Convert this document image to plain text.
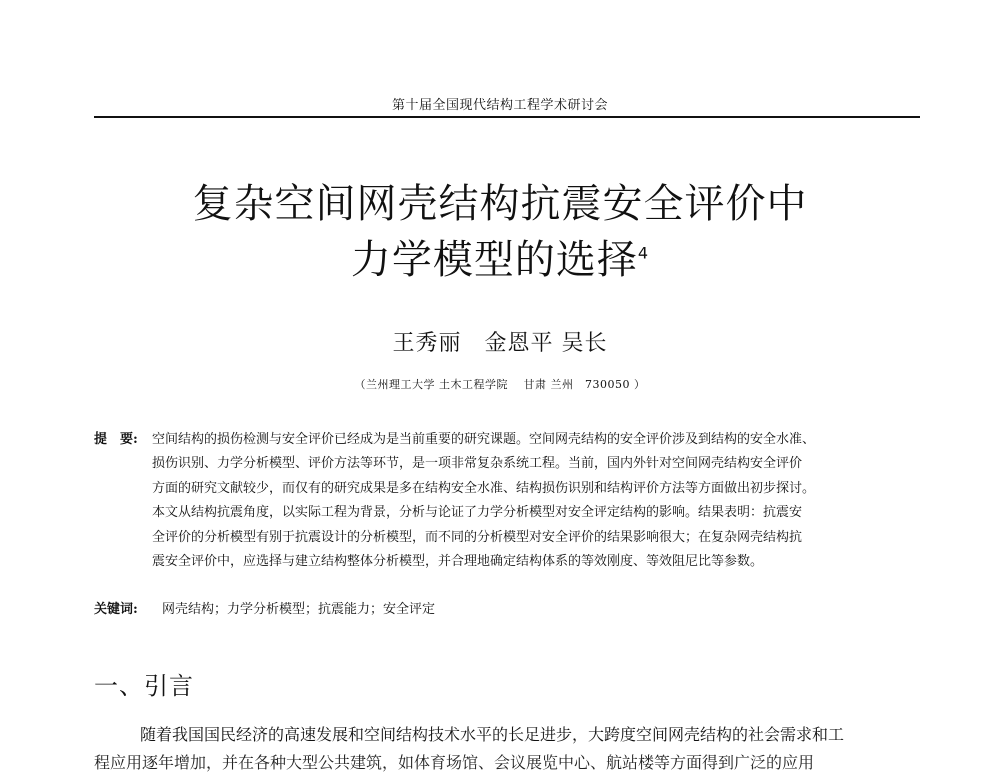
第十届全国现代结构工程学术研讨会
复杂空间网壳结构抗震安全评价中
力学模型的选择$^4$
王秀丽　金恩平 吴长
（兰州理工大学 土木工程学院　 甘肃 兰州　730050 ）
提　要:	空间结构的损伤检测与安全评价已经成为是当前重要的研究课题。空间网壳结构的安全评价涉及到结构的安全水准、
损伤识别、力学分析模型、评价方法等环节，是一项非常复杂系统工程。当前，国内外针对空间网壳结构安全评价
方面的研究文献较少，而仅有的研究成果是多在结构安全水准、结构损伤识别和结构评价方法等方面做出初步探讨。
本文从结构抗震角度，以实际工程为背景，分析与论证了力学分析模型对安全评定结构的影响。结果表明：抗震安
全评价的分析模型有别于抗震设计的分析模型，而不同的分析模型对安全评价的结果影响很大；在复杂网壳结构抗
震安全评价中，应选择与建立结构整体分析模型，并合理地确定结构体系的等效刚度、等效阻尼比等参数。
关键词: 网壳结构；力学分析模型；抗震能力；安全评定
一、引言
随着我国国民经济的高速发展和空间结构技术水平的长足进步，大跨度空间网壳结构的社会需求和工
程应用逐年增加，并在各种大型公共建筑，如体育场馆、会议展览中心、航站楼等方面得到广泛的应用
